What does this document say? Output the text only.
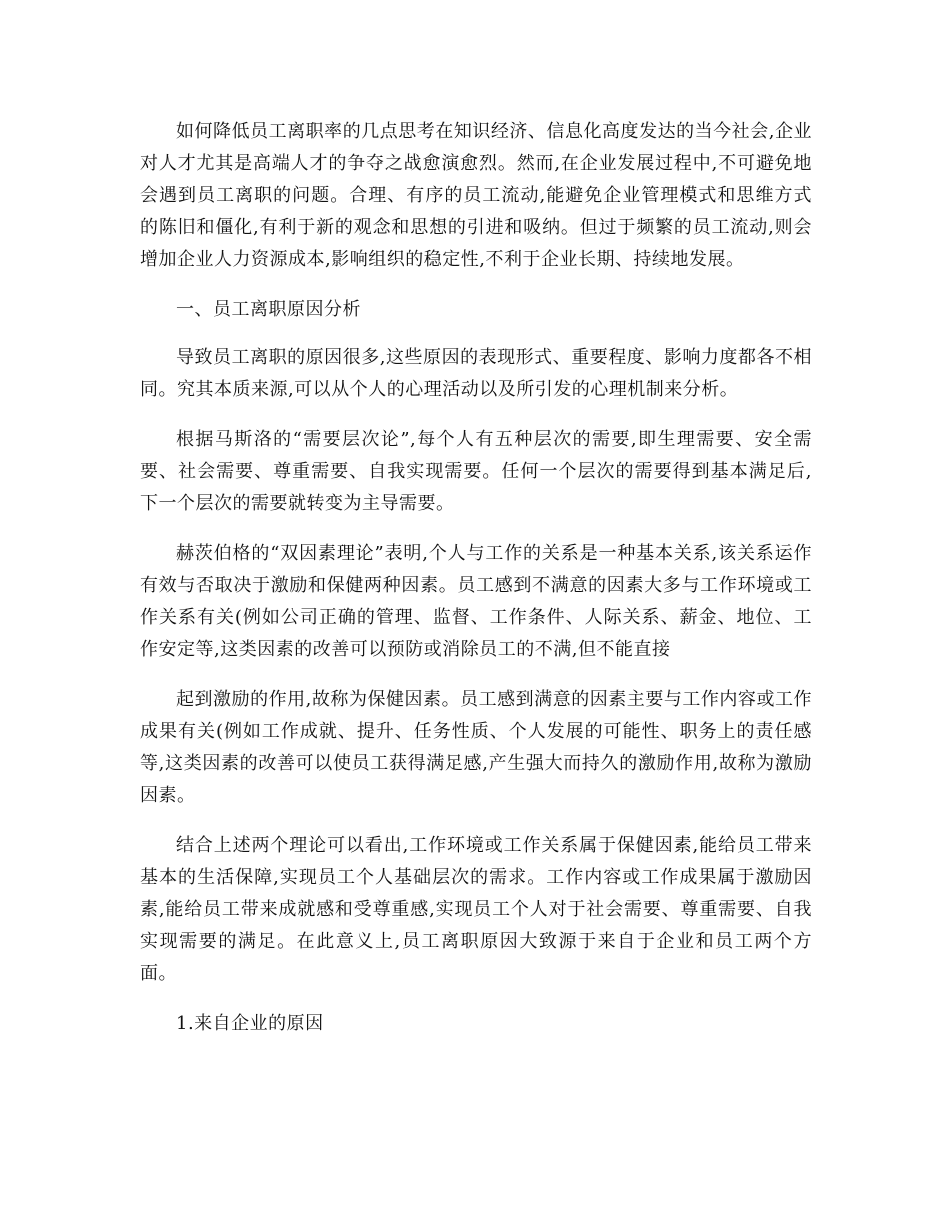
如何降低员工离职率的几点思考在知识经济、信息化高度发达的当今社会,企业对人才尤其是高端人才的争夺之战愈演愈烈。然而,在企业发展过程中,不可避免地会遇到员工离职的问题。合理、有序的员工流动,能避免企业管理模式和思维方式的陈旧和僵化,有利于新的观念和思想的引进和吸纳。但过于频繁的员工流动,则会增加企业人力资源成本,影响组织的稳定性,不利于企业长期、持续地发展。

一、员工离职原因分析

导致员工离职的原因很多,这些原因的表现形式、重要程度、影响力度都各不相同。究其本质来源,可以从个人的心理活动以及所引发的心理机制来分析。

根据马斯洛的“需要层次论”,每个人有五种层次的需要,即生理需要、安全需要、社会需要、尊重需要、自我实现需要。任何一个层次的需要得到基本满足后,下一个层次的需要就转变为主导需要。

赫茨伯格的“双因素理论”表明,个人与工作的关系是一种基本关系,该关系运作有效与否取决于激励和保健两种因素。员工感到不满意的因素大多与工作环境或工作关系有关(例如公司正确的管理、监督、工作条件、人际关系、薪金、地位、工作安定等,这类因素的改善可以预防或消除员工的不满,但不能直接

起到激励的作用,故称为保健因素。员工感到满意的因素主要与工作内容或工作成果有关(例如工作成就、提升、任务性质、个人发展的可能性、职务上的责任感等,这类因素的改善可以使员工获得满足感,产生强大而持久的激励作用,故称为激励因素。

结合上述两个理论可以看出,工作环境或工作关系属于保健因素,能给员工带来基本的生活保障,实现员工个人基础层次的需求。工作内容或工作成果属于激励因素,能给员工带来成就感和受尊重感,实现员工个人对于社会需要、尊重需要、自我实现需要的满足。在此意义上,员工离职原因大致源于来自于企业和员工两个方面。

1.来自企业的原因
